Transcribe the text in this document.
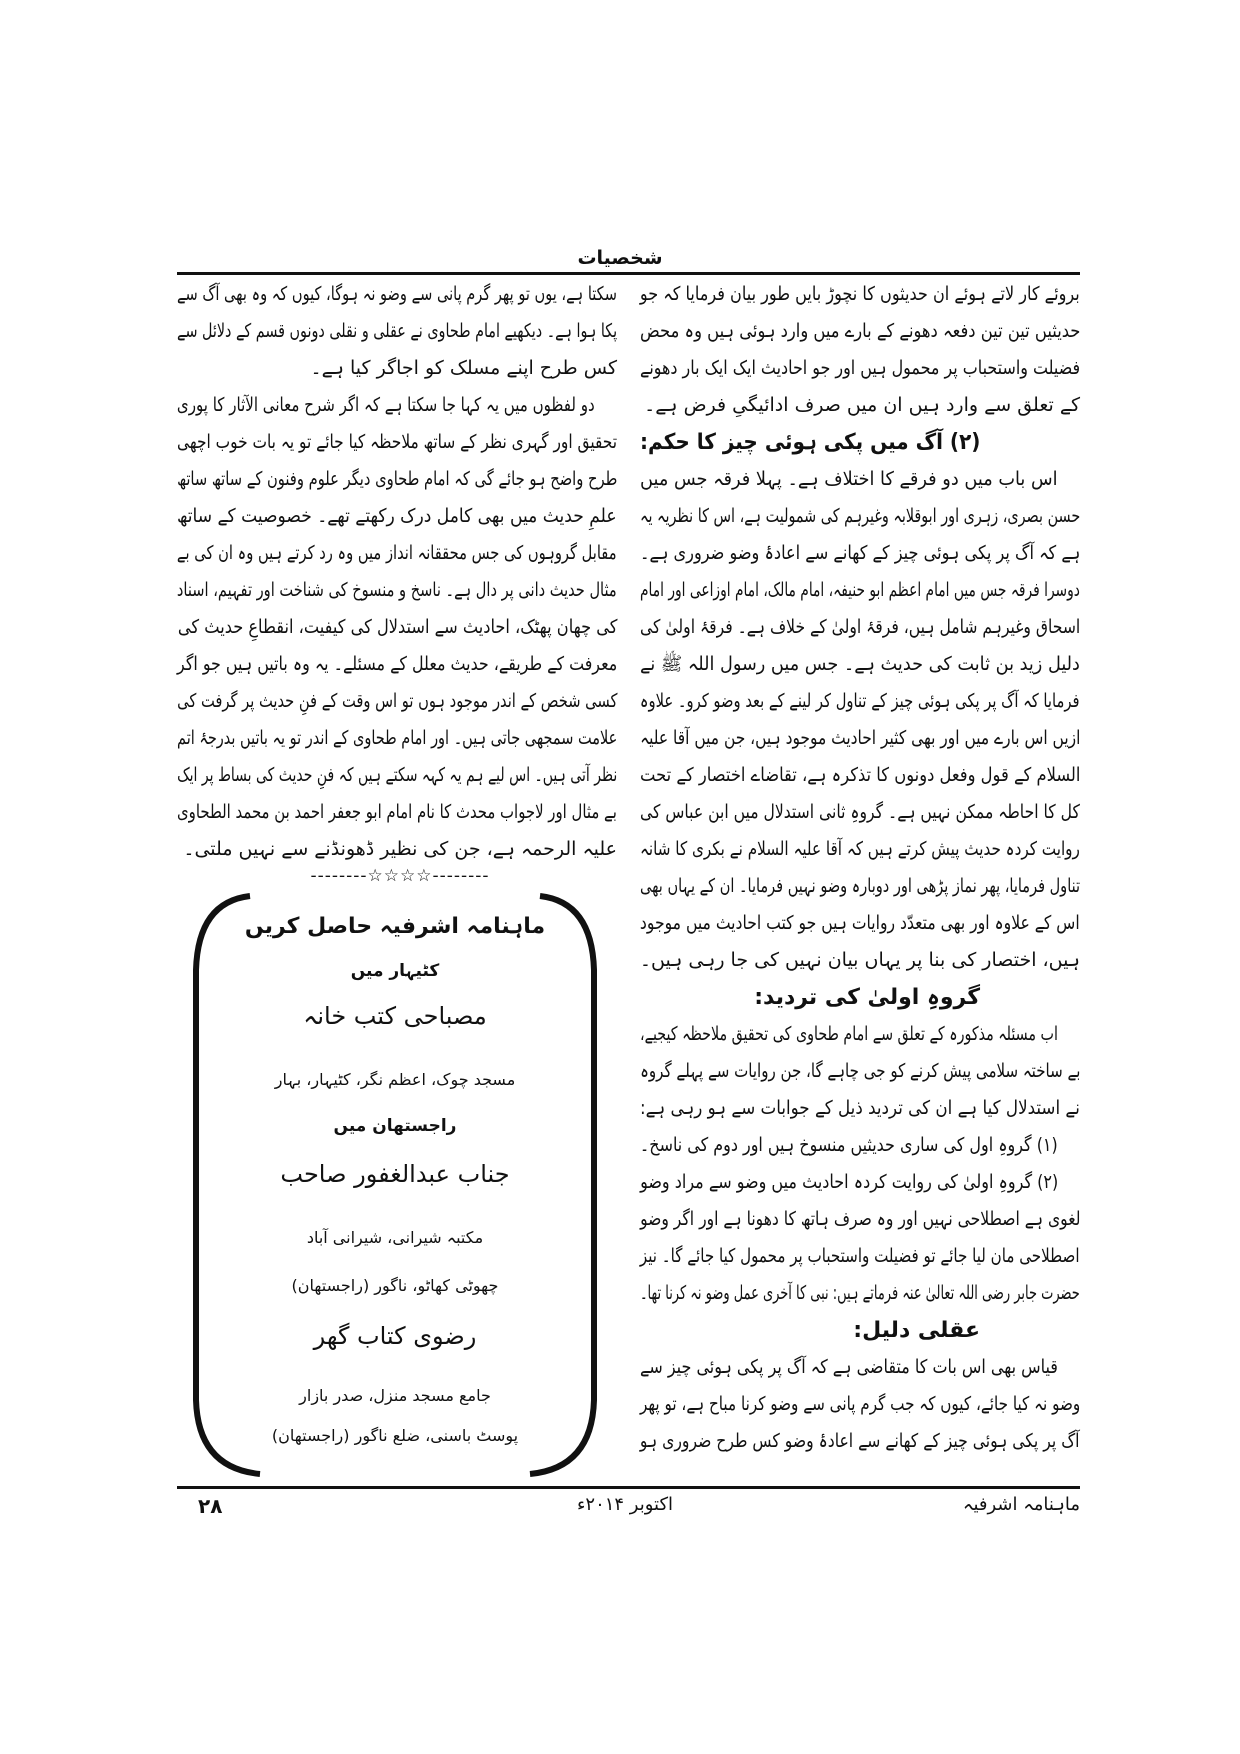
شخصیات
بروئے کار لاتے ہوئے ان حدیثوں کا نچوڑ بایں طور بیان فرمایا کہ جو
حدیثیں تین تین دفعہ دھونے کے بارے میں وارد ہوئی ہیں وہ محض
فضیلت واستحباب پر محمول ہیں اور جو احادیث ایک ایک بار دھونے
کے تعلق سے وارد ہیں ان میں صرف ادائیگیِ فرض ہے۔
(۲) آگ میں پکی ہوئی چیز کا حکم:
اس باب میں دو فرقے کا اختلاف ہے۔ پہلا فرقہ جس میں
حسن بصری، زہری اور ابوقلابہ وغیرہم کی شمولیت ہے، اس کا نظریہ یہ
ہے کہ آگ پر پکی ہوئی چیز کے کھانے سے اعادۂ وضو ضروری ہے۔
دوسرا فرقہ جس میں امام اعظم ابو حنیفہ، امام مالک، امام اوزاعی اور امام
اسحاق وغیرہم شامل ہیں، فرقۂ اولیٰ کے خلاف ہے۔ فرقۂ اولیٰ کی
دلیل زید بن ثابت کی حدیث ہے۔ جس میں رسول اللہ ﷺ نے
فرمایا کہ آگ پر پکی ہوئی چیز کے تناول کر لینے کے بعد وضو کرو۔ علاوہ
ازیں اس بارے میں اور بھی کثیر احادیث موجود ہیں، جن میں آقا علیہ
السلام کے قول وفعل دونوں کا تذکرہ ہے، تقاضاے اختصار کے تحت
کل کا احاطہ ممکن نہیں ہے۔ گروہِ ثانی استدلال میں ابن عباس کی
روایت کردہ حدیث پیش کرتے ہیں کہ آقا علیہ السلام نے بکری کا شانہ
تناول فرمایا، پھر نماز پڑھی اور دوبارہ وضو نہیں فرمایا۔ ان کے یہاں بھی
اس کے علاوہ اور بھی متعدّد روایات ہیں جو کتب احادیث میں موجود
ہیں، اختصار کی بنا پر یہاں بیان نہیں کی جا رہی ہیں۔
گروہِ اولیٰ کی تردید:
اب مسئلہ مذکورہ کے تعلق سے امام طحاوی کی تحقیق ملاحظہ کیجیے،
بے ساختہ سلامی پیش کرنے کو جی چاہے گا، جن روایات سے پہلے گروہ
نے استدلال کیا ہے ان کی تردید ذیل کے جوابات سے ہو رہی ہے:
(۱) گروہِ اول کی ساری حدیثیں منسوخ ہیں اور دوم کی ناسخ۔
(۲) گروہِ اولیٰ کی روایت کردہ احادیث میں وضو سے مراد وضو
لغوی ہے اصطلاحی نہیں اور وہ صرف ہاتھ کا دھونا ہے اور اگر وضو
اصطلاحی مان لیا جائے تو فضیلت واستحباب پر محمول کیا جائے گا۔ نیز
حضرت جابر رضی اللہ تعالیٰ عنہ فرماتے ہیں: نبی کا آخری عمل وضو نہ کرنا تھا۔
عقلی دلیل:
قیاس بھی اس بات کا متقاضی ہے کہ آگ پر پکی ہوئی چیز سے
وضو نہ کیا جائے، کیوں کہ جب گرم پانی سے وضو کرنا مباح ہے، تو پھر
آگ پر پکی ہوئی چیز کے کھانے سے اعادۂ وضو کس طرح ضروری ہو
سکتا ہے، یوں تو پھر گرم پانی سے وضو نہ ہوگا، کیوں کہ وہ بھی آگ سے
پکا ہوا ہے۔ دیکھیے امام طحاوی نے عقلی و نقلی دونوں قسم کے دلائل سے
کس طرح اپنے مسلک کو اجاگر کیا ہے۔
دو لفظوں میں یہ کہا جا سکتا ہے کہ اگر شرح معانی الآثار کا پوری
تحقیق اور گہری نظر کے ساتھ ملاحظہ کیا جائے تو یہ بات خوب اچھی
طرح واضح ہو جائے گی کہ امام طحاوی دیگر علوم وفنون کے ساتھ ساتھ
علمِ حدیث میں بھی کامل درک رکھتے تھے۔ خصوصیت کے ساتھ
مقابل گروہوں کی جس محققانہ انداز میں وہ رد کرتے ہیں وہ ان کی بے
مثال حدیث دانی پر دال ہے۔ ناسخ و منسوخ کی شناخت اور تفہیم، اسناد
کی چھان پھٹک، احادیث سے استدلال کی کیفیت، انقطاعِ حدیث کی
معرفت کے طریقے، حدیث معلل کے مسئلے۔ یہ وہ باتیں ہیں جو اگر
کسی شخص کے اندر موجود ہوں تو اس وقت کے فنِ حدیث پر گرفت کی
علامت سمجھی جاتی ہیں۔ اور امام طحاوی کے اندر تو یہ باتیں بدرجۂ اتم
نظر آتی ہیں۔ اس لیے ہم یہ کہہ سکتے ہیں کہ فنِ حدیث کی بساط پر ایک
بے مثال اور لاجواب محدث کا نام امام ابو جعفر احمد بن محمد الطحاوی
علیہ الرحمہ ہے، جن کی نظیر ڈھونڈنے سے نہیں ملتی۔
--------☆☆☆☆--------
ماہنامہ اشرفیہ حاصل کریں
کٹیہار میں
مصباحی کتب خانہ
مسجد چوک، اعظم نگر، کٹیہار، بہار
راجستھان میں
جناب عبدالغفور صاحب
مکتبہ شیرانی، شیرانی آباد
چھوٹی کھاٹو، ناگور (راجستھان)
رضوی کتاب گھر
جامع مسجد منزل، صدر بازار
پوسٹ باسنی، ضلع ناگور (راجستھان)
ماہنامہ اشرفیہ
اکتوبر ۲۰۱۴ء
۲۸
